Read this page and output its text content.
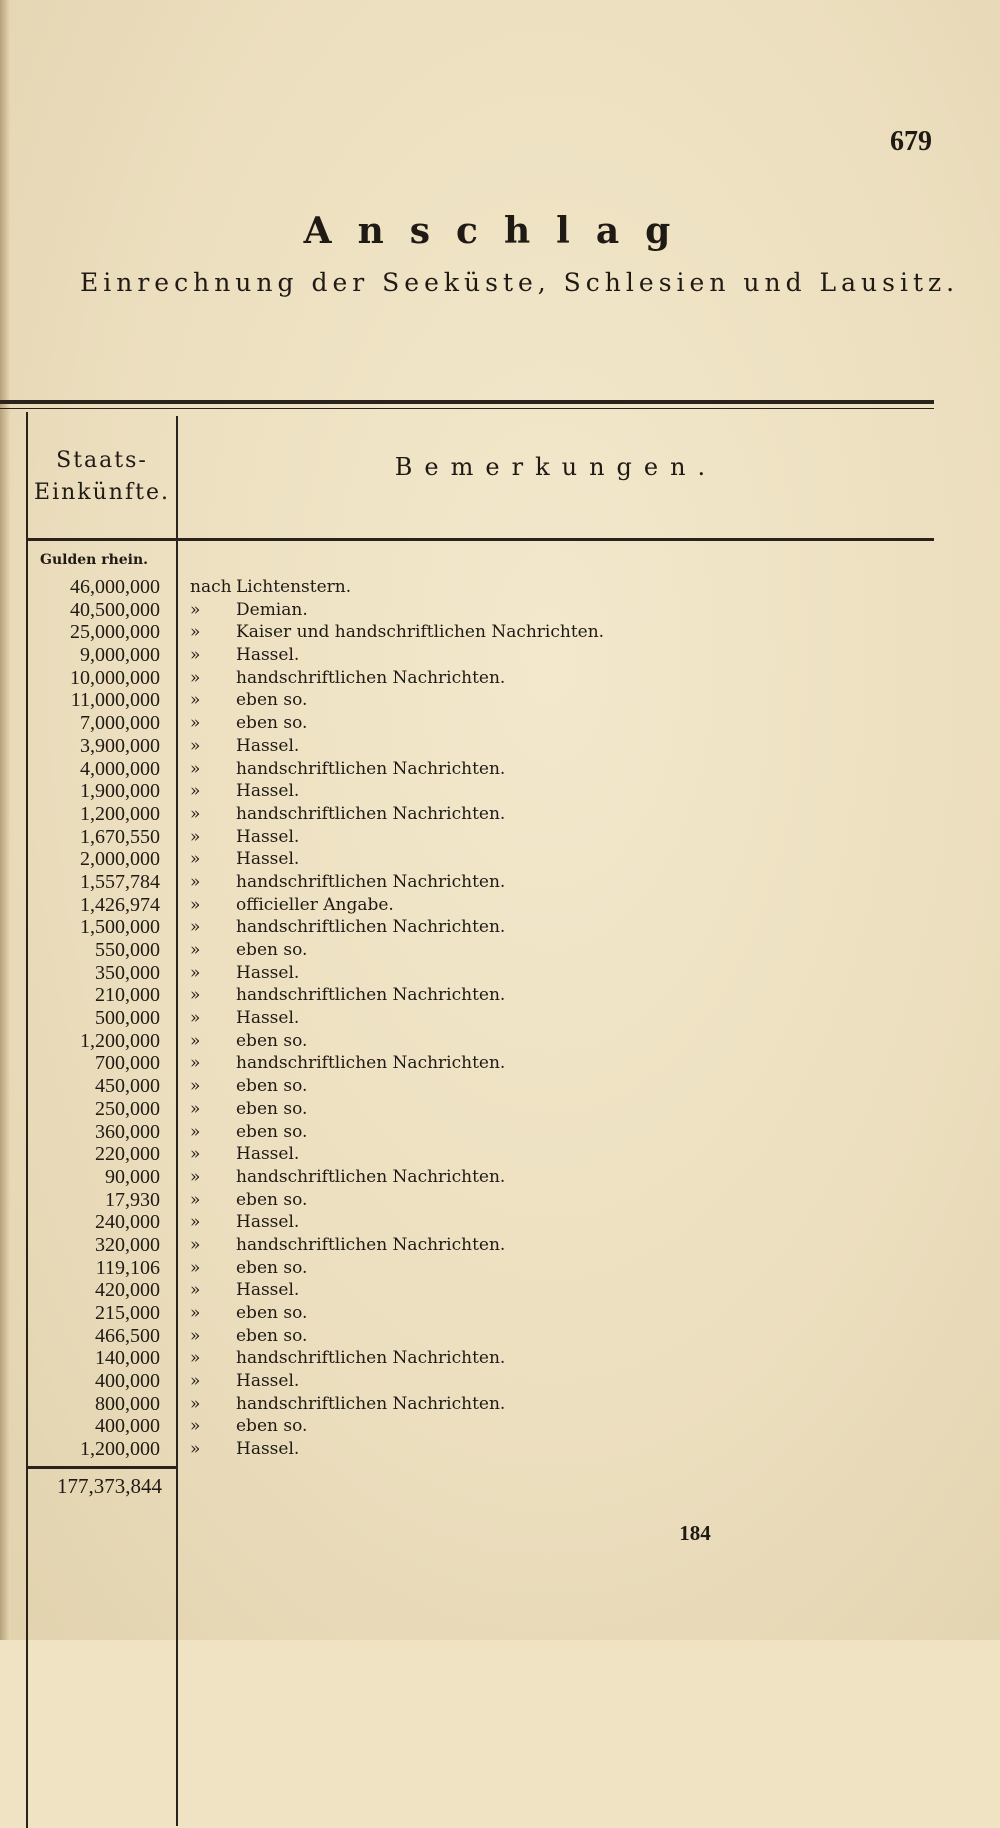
679
Anschlag
Einrechnung der Seeküste, Schlesien und Lausitz.
Staats-
Einkünfte.
Bemerkungen.
Gulden rhein.
46,000,000 nach Lichtenstern.
40,500,000 »	Demian.
25,000,000 »	Kaiser und handschriftlichen Nachrichten.
9,000,000 »	Hassel.
10,000,000 »	handschriftlichen Nachrichten.
11,000,000 »	eben so.
7,000,000 »	eben so.
3,900,000 »	Hassel.
4,000,000 »	handschriftlichen Nachrichten.
1,900,000 »	Hassel.
1,200,000 »	handschriftlichen Nachrichten.
1,670,550 »	Hassel.
2,000,000 »	Hassel.
1,557,784 »	handschriftlichen Nachrichten.
1,426,974 »	officieller Angabe.
1,500,000 »	handschriftlichen Nachrichten.
550,000 »	eben so.
350,000 »	Hassel.
210,000 »	handschriftlichen Nachrichten.
500,000 »	Hassel.
1,200,000 »	eben so.
700,000 »	handschriftlichen Nachrichten.
450,000 »	eben so.
250,000 »	eben so.
360,000 »	eben so.
220,000 »	Hassel.
90,000 »	handschriftlichen Nachrichten.
17,930 »	eben so.
240,000 »	Hassel.
320,000 »	handschriftlichen Nachrichten.
119,106 »	eben so.
420,000 »	Hassel.
215,000 »	eben so.
466,500 »	eben so.
140,000 »	handschriftlichen Nachrichten.
400,000 »	Hassel.
800,000 »	handschriftlichen Nachrichten.
400,000 »	eben so.
1,200,000 »	Hassel.
177,373,844
184
